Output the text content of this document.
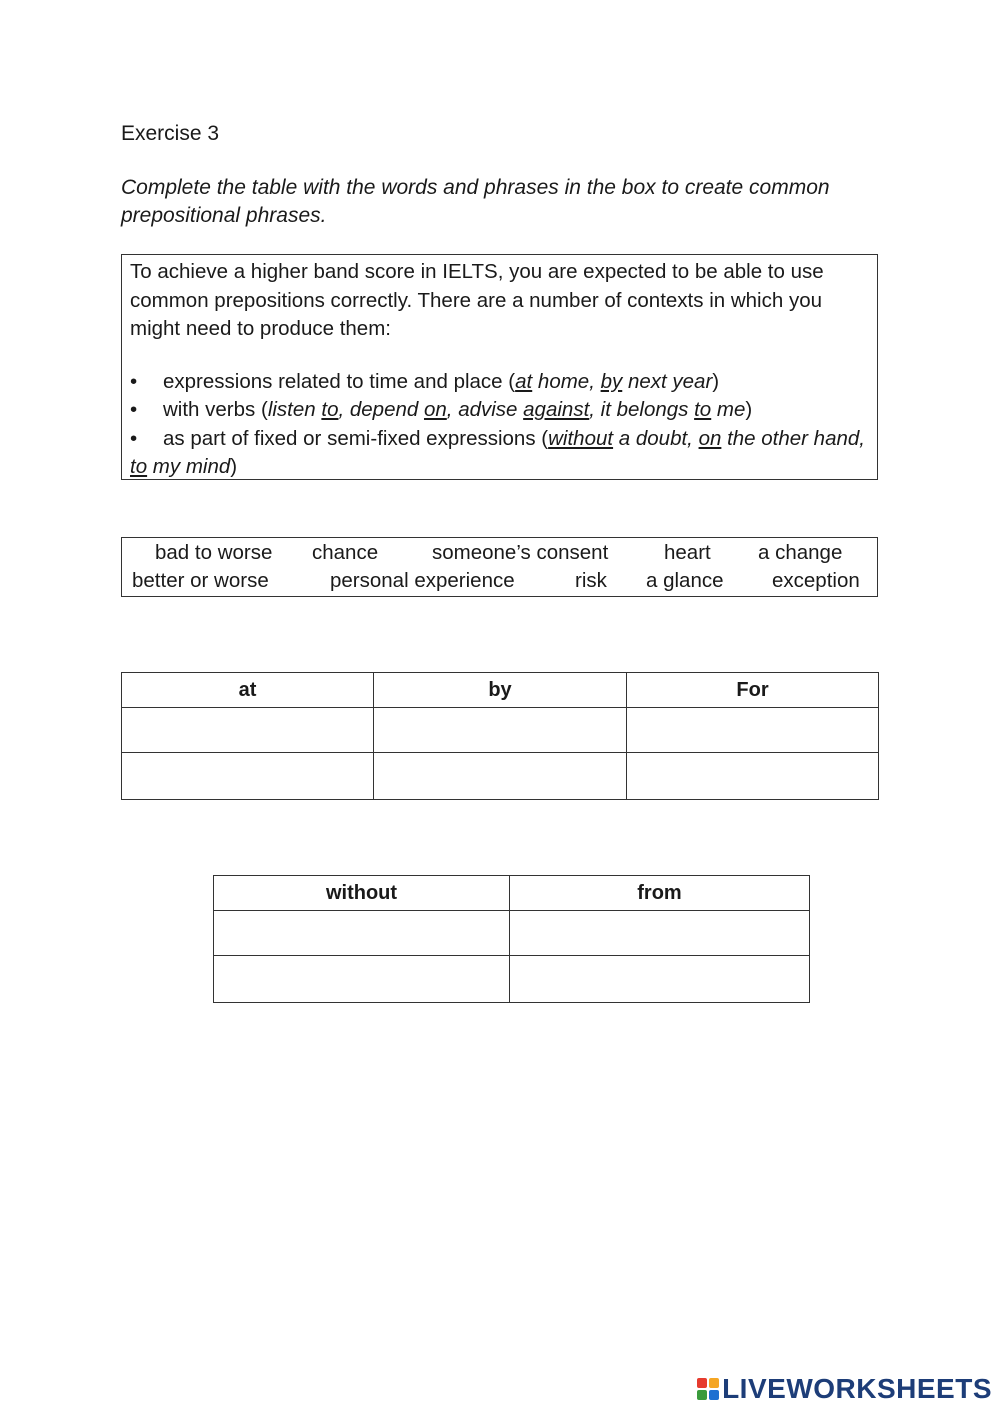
Exercise 3
Complete the table with the words and phrases in the box to create common prepositional phrases.

To achieve a higher band score in IELTS, you are expected to be able to use common prepositions correctly. There are a number of contexts in which you might need to produce them:

• expressions related to time and place (at home, by next year)
• with verbs (listen to, depend on, advise against, it belongs to me)
• as part of fixed or semi-fixed expressions (without a doubt, on the other hand, to my mind)
bad to worse chance	someone’s consent	heart a change
better or worse	personal experience	risk a glance exception
at	by	For

without	from

LIVEWORKSHEETS
